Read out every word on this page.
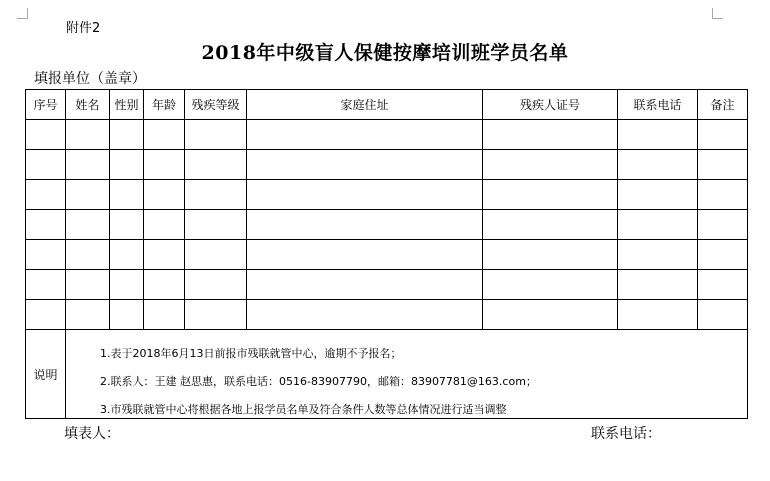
附件2
2018年中级盲人保健按摩培训班学员名单
填报单位（盖章）
序号	姓名	性别	年龄	残疾等级	家庭住址	残疾人证号	联系电话	备注

说明	1.表于2018年6月13日前报市残联就管中心，逾期不予报名；
2.联系人：王建 赵思惠，联系电话：0516-83907790，邮箱：83907781@163.com；
3.市残联就管中心将根据各地上报学员名单及符合条件人数等总体情况进行适当调整							
填表人：	联系电话：
